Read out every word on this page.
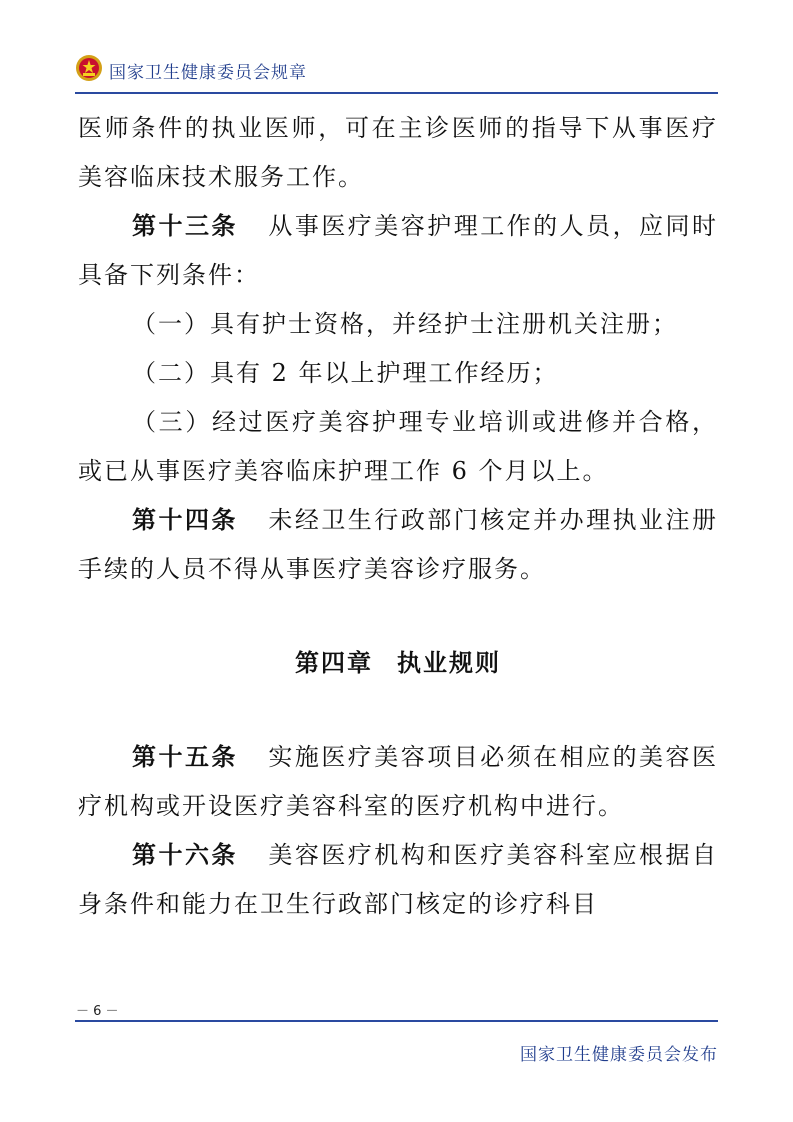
国家卫生健康委员会规章

医师条件的执业医师，可在主诊医师的指导下从事医疗美容临床技术服务工作。

第十三条 从事医疗美容护理工作的人员，应同时具备下列条件：

（一）具有护士资格，并经护士注册机关注册；

（二）具有 2 年以上护理工作经历；

（三）经过医疗美容护理专业培训或进修并合格，或已从事医疗美容临床护理工作 6 个月以上。

第十四条 未经卫生行政部门核定并办理执业注册手续的人员不得从事医疗美容诊疗服务。

第四章 执业规则

第十五条 实施医疗美容项目必须在相应的美容医疗机构或开设医疗美容科室的医疗机构中进行。

第十六条 美容医疗机构和医疗美容科室应根据自身条件和能力在卫生行政部门核定的诊疗科目

－ 6 －
国家卫生健康委员会发布
